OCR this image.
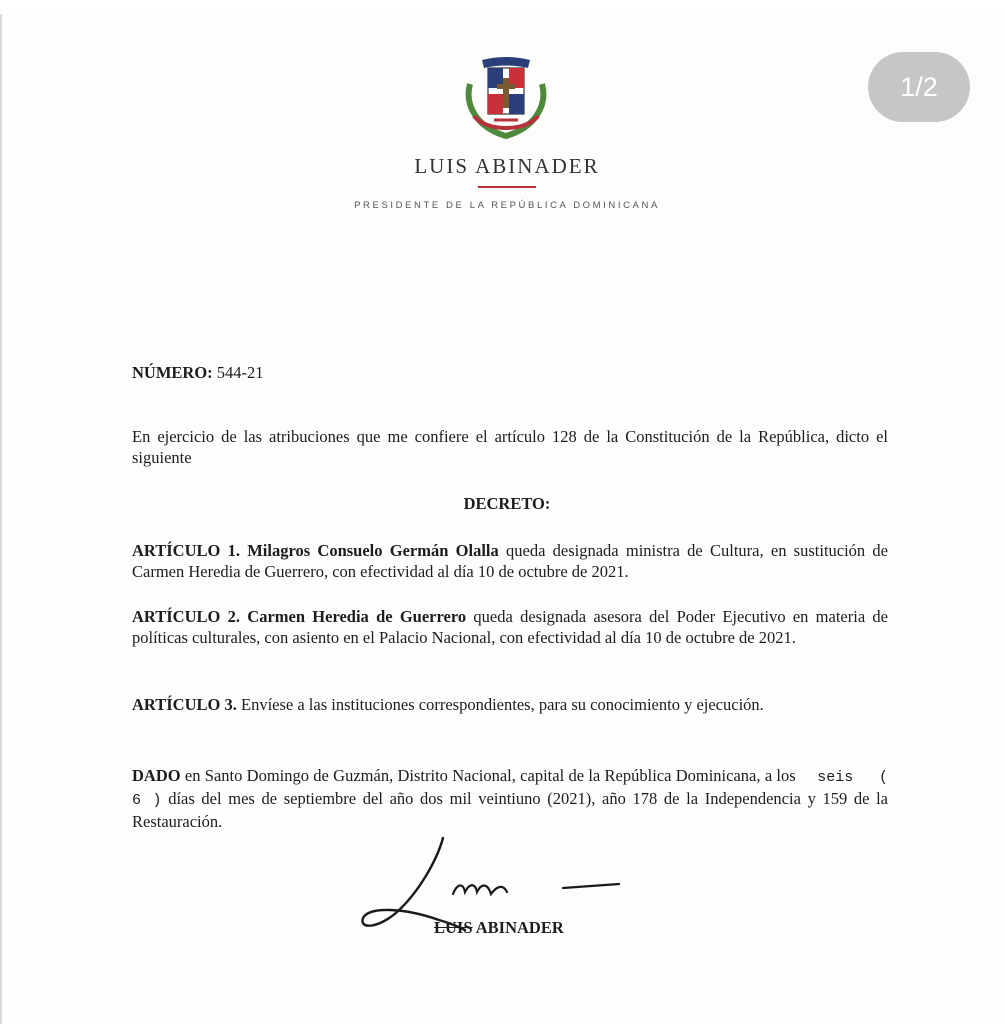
1/2
LUIS ABINADER
PRESIDENTE DE LA REPÚBLICA DOMINICANA
NÚMERO: 544-21
En ejercicio de las atribuciones que me confiere el artículo 128 de la Constitución de la República, dicto el siguiente
DECRETO:
ARTÍCULO 1. Milagros Consuelo Germán Olalla queda designada ministra de Cultura, en sustitución de Carmen Heredia de Guerrero, con efectividad al día 10 de octubre de 2021.
ARTÍCULO 2. Carmen Heredia de Guerrero queda designada asesora del Poder Ejecutivo en materia de políticas culturales, con asiento en el Palacio Nacional, con efectividad al día 10 de octubre de 2021.
ARTÍCULO 3. Envíese a las instituciones correspondientes, para su conocimiento y ejecución.
DADO en Santo Domingo de Guzmán, Distrito Nacional, capital de la República Dominicana, a los seis ( 6 ) días del mes de septiembre del año dos mil veintiuno (2021), año 178 de la Independencia y 159 de la Restauración.
LUIS ABINADER
